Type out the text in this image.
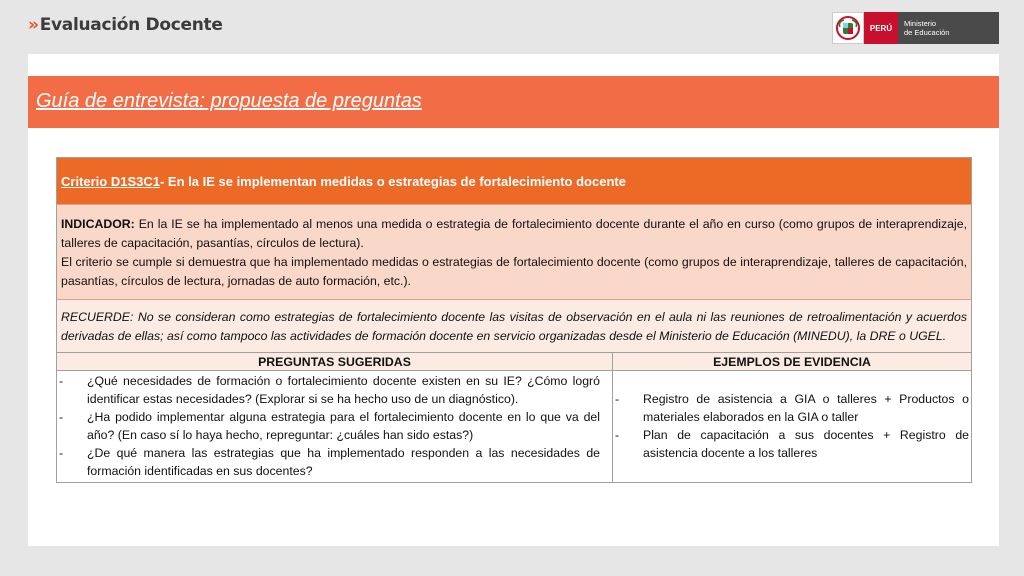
»Evaluación Docente	PERÚ	Ministerio
de Educación
Guía de entrevista: propuesta de preguntas
Criterio D1S3C1 - En la IE se implementan medidas o estrategias de fortalecimiento docente
INDICADOR: En la IE se ha implementado al menos una medida o estrategia de fortalecimiento docente durante el año en curso (como grupos de interaprendizaje, talleres de capacitación, pasantías, círculos de lectura).
El criterio se cumple si demuestra que ha implementado medidas o estrategias de fortalecimiento docente (como grupos de interaprendizaje, talleres de capacitación, pasantías, círculos de lectura, jornadas de auto formación, etc.).
RECUERDE: No se consideran como estrategias de fortalecimiento docente las visitas de observación en el aula ni las reuniones de retroalimentación y acuerdos derivadas de ellas; así como tampoco las actividades de formación docente en servicio organizadas desde el Ministerio de Educación (MINEDU), la DRE o UGEL.
PREGUNTAS SUGERIDAS
- ¿Qué necesidades de formación o fortalecimiento docente existen en su IE? ¿Cómo logró identificar estas necesidades? (Explorar si se ha hecho uso de un diagnóstico).
- ¿Ha podido implementar alguna estrategia para el fortalecimiento docente en lo que va del año? (En caso sí lo haya hecho, repreguntar: ¿cuáles han sido estas?)
- ¿De qué manera las estrategias que ha implementado responden a las necesidades de formación identificadas en sus docentes?
EJEMPLOS DE EVIDENCIA
- Registro de asistencia a GIA o talleres + Productos o materiales elaborados en la GIA o taller
- Plan de capacitación a sus docentes + Registro de asistencia docente a los talleres
